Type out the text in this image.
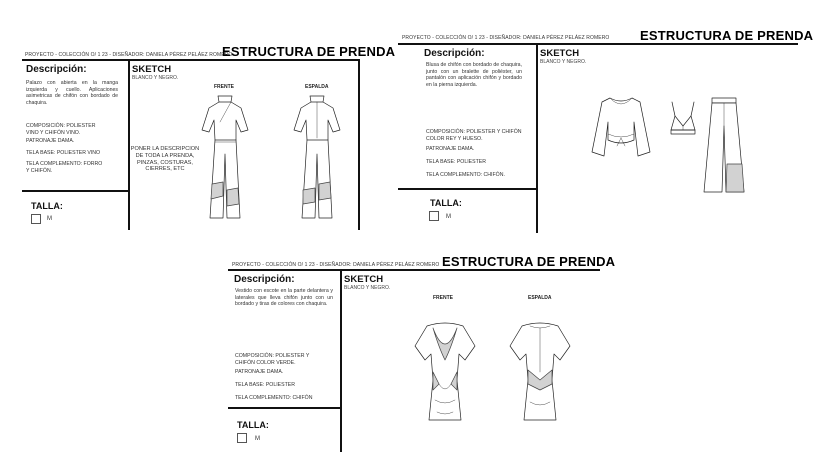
PROYECTO - COLECCIÓN O/ 1 23 - DISEÑADOR: DANIELA PÉREZ PELÁEZ ROMERO
ESTRUCTURA DE PRENDA
Descripción:
Palazo con abierta en la manga izquierda y cuello. Aplicaciones asimetricas de chifón con bordado de chaquira.
COMPOSICIÓN: POLIESTER VINO Y CHIFÓN VINO.
PATRONAJE DAMA.
TELA BASE: POLIESTER VINO
TELA COMPLEMENTO: FORRO Y CHIFÓN.
TALLA:
M
SKETCH
BLANCO Y NEGRO.
FRENTE	ESPALDA
PONER LA DESCRIPCION DE TODA LA PRENDA, PINZAS, COSTURAS, CIERRES, ETC
PROYECTO - COLECCIÓN O/ 1 23 - DISEÑADOR: DANIELA PÉREZ PELÁEZ ROMERO ESTRUCTURA DE PRENDA
Descripción:
Blusa de chifón con bordado de chaquira, junto con un bralette de poliéster, un pantalón con aplicación chifón y bordado en la pierna izquierda.
COMPOSICIÓN: POLIESTER Y CHIFÓN COLOR REY Y HUESO.
PATRONAJE DAMA.
TELA BASE: POLIESTER
TELA COMPLEMENTO: CHIFÓN.
TALLA:
M
SKETCH
BLANCO Y NEGRO.
PROYECTO - COLECCIÓN O/ 1 23 - DISEÑADOR: DANIELA PÉREZ PELÁEZ ROMERO ESTRUCTURA DE PRENDA
Descripción:
Vestido con escote en la parte delantera y laterales que lleva chifón junto con un bordado y tiras de colores con chaquira.
COMPOSICIÓN: POLIESTER Y CHIFÓN COLOR VERDE.
PATRONAJE DAMA.
TELA BASE: POLIESTER
TELA COMPLEMENTO: CHIFÓN
TALLA:
M
SKETCH
BLANCO Y NEGRO.
FRENTE	ESPALDA
